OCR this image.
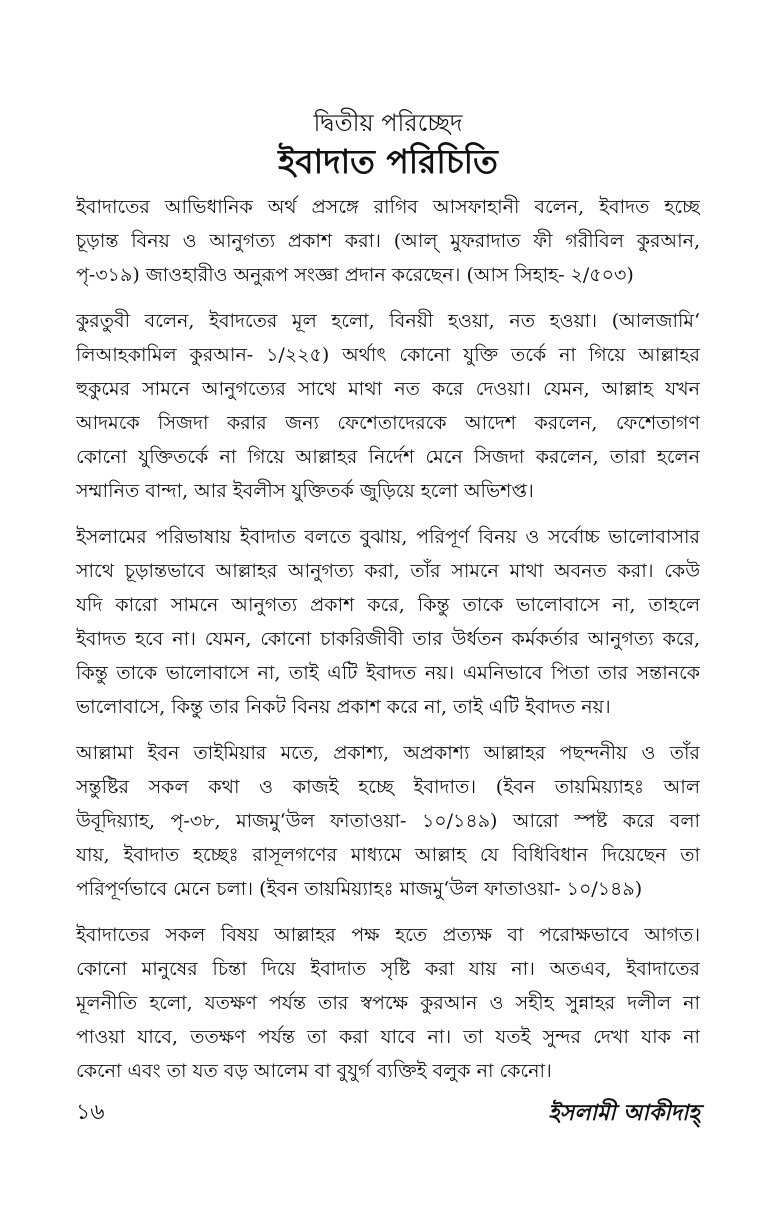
দ্বিতীয় পরিচ্ছেদ
ইবাদাত পরিচিতি
ইবাদাতের আভিধানিক অর্থ প্রসঙ্গে রাগিব আসফাহানী বলেন, ইবাদত হচ্ছে
চূড়ান্ত বিনয় ও আনুগত্য প্রকাশ করা। (আল্ মুফরাদাত ফী গরীবিল কুরআন,
পৃ-৩১৯) জাওহারীও অনুরূপ সংজ্ঞা প্রদান করেছেন। (আস সিহাহ- ২/৫০৩)
কুরতুবী বলেন, ইবাদতের মূল হলো, বিনয়ী হওয়া, নত হওয়া। (আলজামি‘
লিআহকামিল কুরআন- ১/২২৫) অর্থাৎ কোনো যুক্তি তর্কে না গিয়ে আল্লাহর
হুকুমের সামনে আনুগত্যের সাথে মাথা নত করে দেওয়া। যেমন, আল্লাহ যখন
আদমকে সিজদা করার জন্য ফেশেতাদেরকে আদেশ করলেন, ফেশেতাগণ
কোনো যুক্তিতর্কে না গিয়ে আল্লাহর নির্দেশ মেনে সিজদা করলেন, তারা হলেন
সম্মানিত বান্দা, আর ইবলীস যুক্তিতর্ক জুড়িয়ে হলো অভিশপ্ত।
ইসলামের পরিভাষায় ইবাদাত বলতে বুঝায়, পরিপূর্ণ বিনয় ও সর্বোচ্চ ভালোবাসার
সাথে চূড়ান্তভাবে আল্লাহর আনুগত্য করা, তাঁর সামনে মাথা অবনত করা। কেউ
যদি কারো সামনে আনুগত্য প্রকাশ করে, কিন্তু তাকে ভালোবাসে না, তাহলে
ইবাদত হবে না। যেমন, কোনো চাকরিজীবী তার উর্ধতন কর্মকর্তার আনুগত্য করে,
কিন্তু তাকে ভালোবাসে না, তাই এটি ইবাদত নয়। এমনিভাবে পিতা তার সন্তানকে
ভালোবাসে, কিন্তু তার নিকট বিনয় প্রকাশ করে না, তাই এটি ইবাদত নয়।
আল্লামা ইবন তাইমিয়ার মতে, প্রকাশ্য, অপ্রকাশ্য আল্লাহর পছন্দনীয় ও তাঁর
সন্তুষ্টির সকল কথা ও কাজই হচ্ছে ইবাদাত। (ইবন তায়মিয়্যাহঃ আল
উবূদিয়্যাহ, পৃ-৩৮, মাজমু‘উল ফাতাওয়া- ১০/১৪৯) আরো স্পষ্ট করে বলা
যায়, ইবাদাত হচ্ছেঃ রাসূলগণের মাধ্যমে আল্লাহ যে বিধিবিধান দিয়েছেন তা
পরিপূর্ণভাবে মেনে চলা। (ইবন তায়মিয়্যাহঃ মাজমু‘উল ফাতাওয়া- ১০/১৪৯)
ইবাদাতের সকল বিষয় আল্লাহর পক্ষ হতে প্রত্যক্ষ বা পরোক্ষভাবে আগত।
কোনো মানুষের চিন্তা দিয়ে ইবাদাত সৃষ্টি করা যায় না। অতএব, ইবাদাতের
মূলনীতি হলো, যতক্ষণ পর্যন্ত তার স্বপক্ষে কুরআন ও সহীহ সুন্নাহর দলীল না
পাওয়া যাবে, ততক্ষণ পর্যন্ত তা করা যাবে না। তা যতই সুন্দর দেখা যাক না
কেনো এবং তা যত বড় আলেম বা বুযুর্গ ব্যক্তিই বলুক না কেনো।
১৬	ইসলামী আকীদাহ্
